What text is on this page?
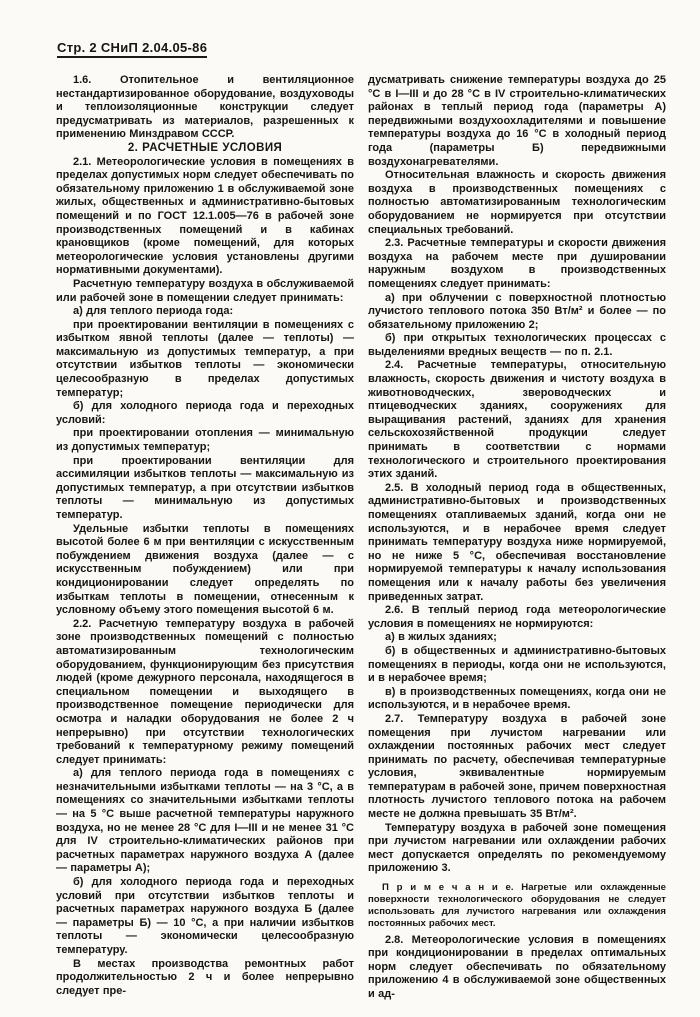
Стр. 2 СНиП 2.04.05-86

1.6. Отопительное и вентиляционное нестандартизированное оборудование, воздуховоды и теплоизоляционные конструкции следует предусматривать из материалов, разрешенных к применению Минздравом СССР.

2. РАСЧЕТНЫЕ УСЛОВИЯ

2.1. Метеорологические условия в помещениях в пределах допустимых норм следует обеспечивать по обязательному приложению 1 в обслуживаемой зоне жилых, общественных и административно-бытовых помещений и по ГОСТ 12.1.005—76 в рабочей зоне производственных помещений и в кабинах крановщиков (кроме помещений, для которых метеорологические условия установлены другими нормативными документами).

Расчетную температуру воздуха в обслуживаемой или рабочей зоне в помещении следует принимать:

а) для теплого периода года:

при проектировании вентиляции в помещениях с избытком явной теплоты (далее — теплоты) — максимальную из допустимых температур, а при отсутствии избытков теплоты — экономически целесообразную в пределах допустимых температур;

б) для холодного периода года и переходных условий:

при проектировании отопления — минимальную из допустимых температур;

при проектировании вентиляции для ассимиляции избытков теплоты — максимальную из допустимых температур, а при отсутствии избытков теплоты — минимальную из допустимых температур.

Удельные избытки теплоты в помещениях высотой более 6 м при вентиляции с искусственным побуждением движения воздуха (далее — с искусственным побуждением) или при кондиционировании следует определять по избыткам теплоты в помещении, отнесенным к условному объему этого помещения высотой 6 м.

2.2. Расчетную температуру воздуха в рабочей зоне производственных помещений с полностью автоматизированным технологическим оборудованием, функционирующим без присутствия людей (кроме дежурного персонала, находящегося в специальном помещении и выходящего в производственное помещение периодически для осмотра и наладки оборудования не более 2 ч непрерывно) при отсутствии технологических требований к температурному режиму помещений следует принимать:

а) для теплого периода года в помещениях с незначительными избытками теплоты — на 3 °С, а в помещениях со значительными избытками теплоты — на 5 °С выше расчетной температуры наружного воздуха, но не менее 28 °С для I—III и не менее 31 °С для IV строительно-климатических районов при расчетных параметрах наружного воздуха А (далее — параметры А);

б) для холодного периода года и переходных условий при отсутствии избытков теплоты и расчетных параметрах наружного воздуха Б (далее — параметры Б) — 10 °С, а при наличии избытков теплоты — экономически целесообразную температуру.

В местах производства ремонтных работ продолжительностью 2 ч и более непрерывно следует пре-

дусматривать снижение температуры воздуха до 25 °С в I—III и до 28 °С в IV строительно-климатических районах в теплый период года (параметры А) передвижными воздухоохладителями и повышение температуры воздуха до 16 °С в холодный период года (параметры Б) передвижными воздухонагревателями.

Относительная влажность и скорость движения воздуха в производственных помещениях с полностью автоматизированным технологическим оборудованием не нормируется при отсутствии специальных требований.

2.3. Расчетные температуры и скорости движения воздуха на рабочем месте при душировании наружным воздухом в производственных помещениях следует принимать:

а) при облучении с поверхностной плотностью лучистого теплового потока 350 Вт/м² и более — по обязательному приложению 2;

б) при открытых технологических процессах с выделениями вредных веществ — по п. 2.1.

2.4. Расчетные температуры, относительную влажность, скорость движения и чистоту воздуха в животноводческих, звероводческих и птицеводческих зданиях, сооружениях для выращивания растений, зданиях для хранения сельскохозяйственной продукции следует принимать в соответствии с нормами технологического и строительного проектирования этих зданий.

2.5. В холодный период года в общественных, административно-бытовых и производственных помещениях отапливаемых зданий, когда они не используются, и в нерабочее время следует принимать температуру воздуха ниже нормируемой, но не ниже 5 °С, обеспечивая восстановление нормируемой температуры к началу использования помещения или к началу работы без увеличения приведенных затрат.

2.6. В теплый период года метеорологические условия в помещениях не нормируются:

а) в жилых зданиях;

б) в общественных и административно-бытовых помещениях в периоды, когда они не используются, и в нерабочее время;

в) в производственных помещениях, когда они не используются, и в нерабочее время.

2.7. Температуру воздуха в рабочей зоне помещения при лучистом нагревании или охлаждении постоянных рабочих мест следует принимать по расчету, обеспечивая температурные условия, эквивалентные нормируемым температурам в рабочей зоне, причем поверхностная плотность лучистого теплового потока на рабочем месте не должна превышать 35 Вт/м².

Температуру воздуха в рабочей зоне помещения при лучистом нагревании или охлаждении рабочих мест допускается определять по рекомендуемому приложению 3.

П р и м е ч а н и е. Нагретые или охлажденные поверхности технологического оборудования не следует использовать для лучистого нагревания или охлаждения постоянных рабочих мест.

2.8. Метеорологические условия в помещениях при кондиционировании в пределах оптимальных норм следует обеспечивать по обязательному приложению 4 в обслуживаемой зоне общественных и ад-
